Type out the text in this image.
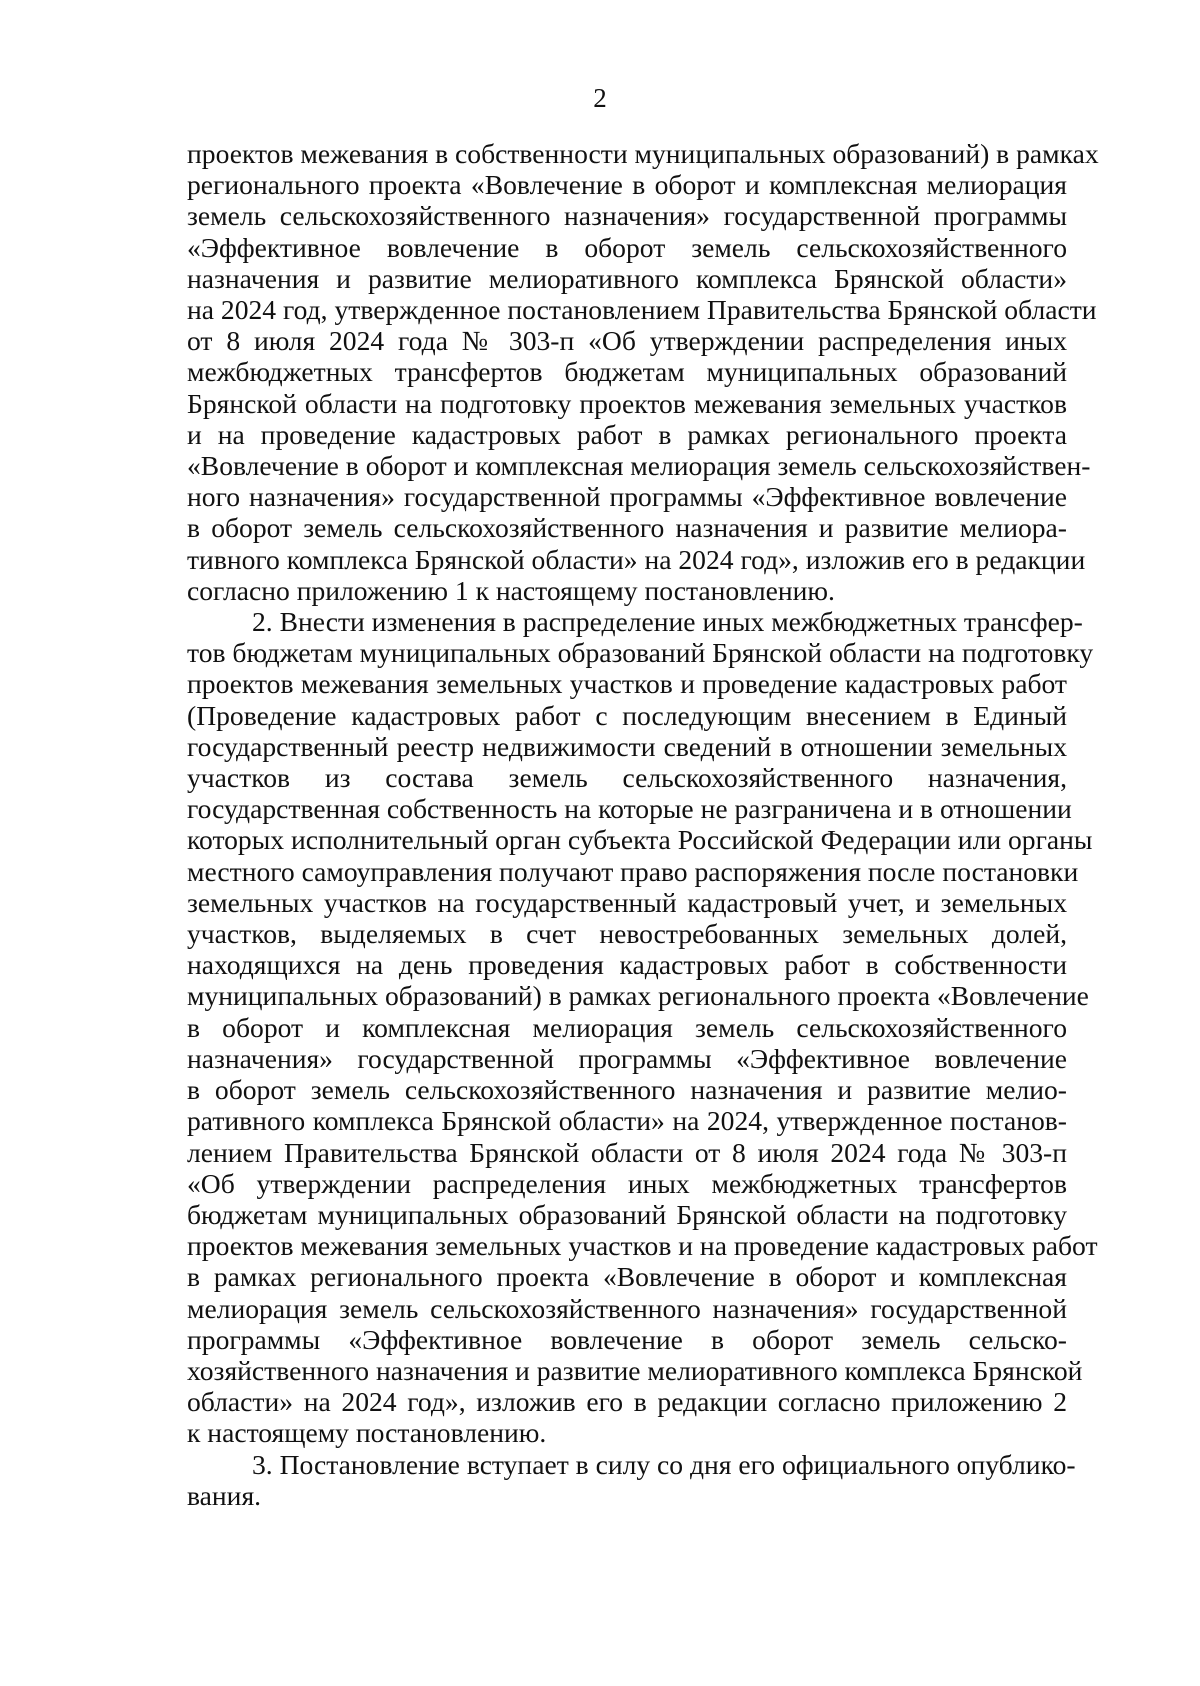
2

проектов межевания в собственности муниципальных образований) в рамках
регионального проекта «Вовлечение в оборот и комплексная мелиорация
земель сельскохозяйственного назначения» государственной программы
«Эффективное вовлечение в оборот земель сельскохозяйственного
назначения и развитие мелиоративного комплекса Брянской области»
на 2024 год, утвержденное постановлением Правительства Брянской области
от 8 июля 2024 года № 303-п «Об утверждении распределения иных
межбюджетных трансфертов бюджетам муниципальных образований
Брянской области на подготовку проектов межевания земельных участков
и на проведение кадастровых работ в рамках регионального проекта
«Вовлечение в оборот и комплексная мелиорация земель сельскохозяйствен-
ного назначения» государственной программы «Эффективное вовлечение
в оборот земель сельскохозяйственного назначения и развитие мелиора-
тивного комплекса Брянской области» на 2024 год», изложив его в редакции
согласно приложению 1 к настоящему постановлению.

2. Внести изменения в распределение иных межбюджетных трансфер-
тов бюджетам муниципальных образований Брянской области на подготовку
проектов межевания земельных участков и проведение кадастровых работ
(Проведение кадастровых работ с последующим внесением в Единый
государственный реестр недвижимости сведений в отношении земельных
участков из состава земель сельскохозяйственного назначения,
государственная собственность на которые не разграничена и в отношении
которых исполнительный орган субъекта Российской Федерации или органы
местного самоуправления получают право распоряжения после постановки
земельных участков на государственный кадастровый учет, и земельных
участков, выделяемых в счет невостребованных земельных долей,
находящихся на день проведения кадастровых работ в собственности
муниципальных образований) в рамках регионального проекта «Вовлечение
в оборот и комплексная мелиорация земель сельскохозяйственного
назначения» государственной программы «Эффективное вовлечение
в оборот земель сельскохозяйственного назначения и развитие мелио-
ративного комплекса Брянской области» на 2024, утвержденное постанов-
лением Правительства Брянской области от 8 июля 2024 года № 303-п
«Об утверждении распределения иных межбюджетных трансфертов
бюджетам муниципальных образований Брянской области на подготовку
проектов межевания земельных участков и на проведение кадастровых работ
в рамках регионального проекта «Вовлечение в оборот и комплексная
мелиорация земель сельскохозяйственного назначения» государственной
программы «Эффективное вовлечение в оборот земель сельско-
хозяйственного назначения и развитие мелиоративного комплекса Брянской
области» на 2024 год», изложив его в редакции согласно приложению 2
к настоящему постановлению.

3. Постановление вступает в силу со дня его официального опублико-
вания.
